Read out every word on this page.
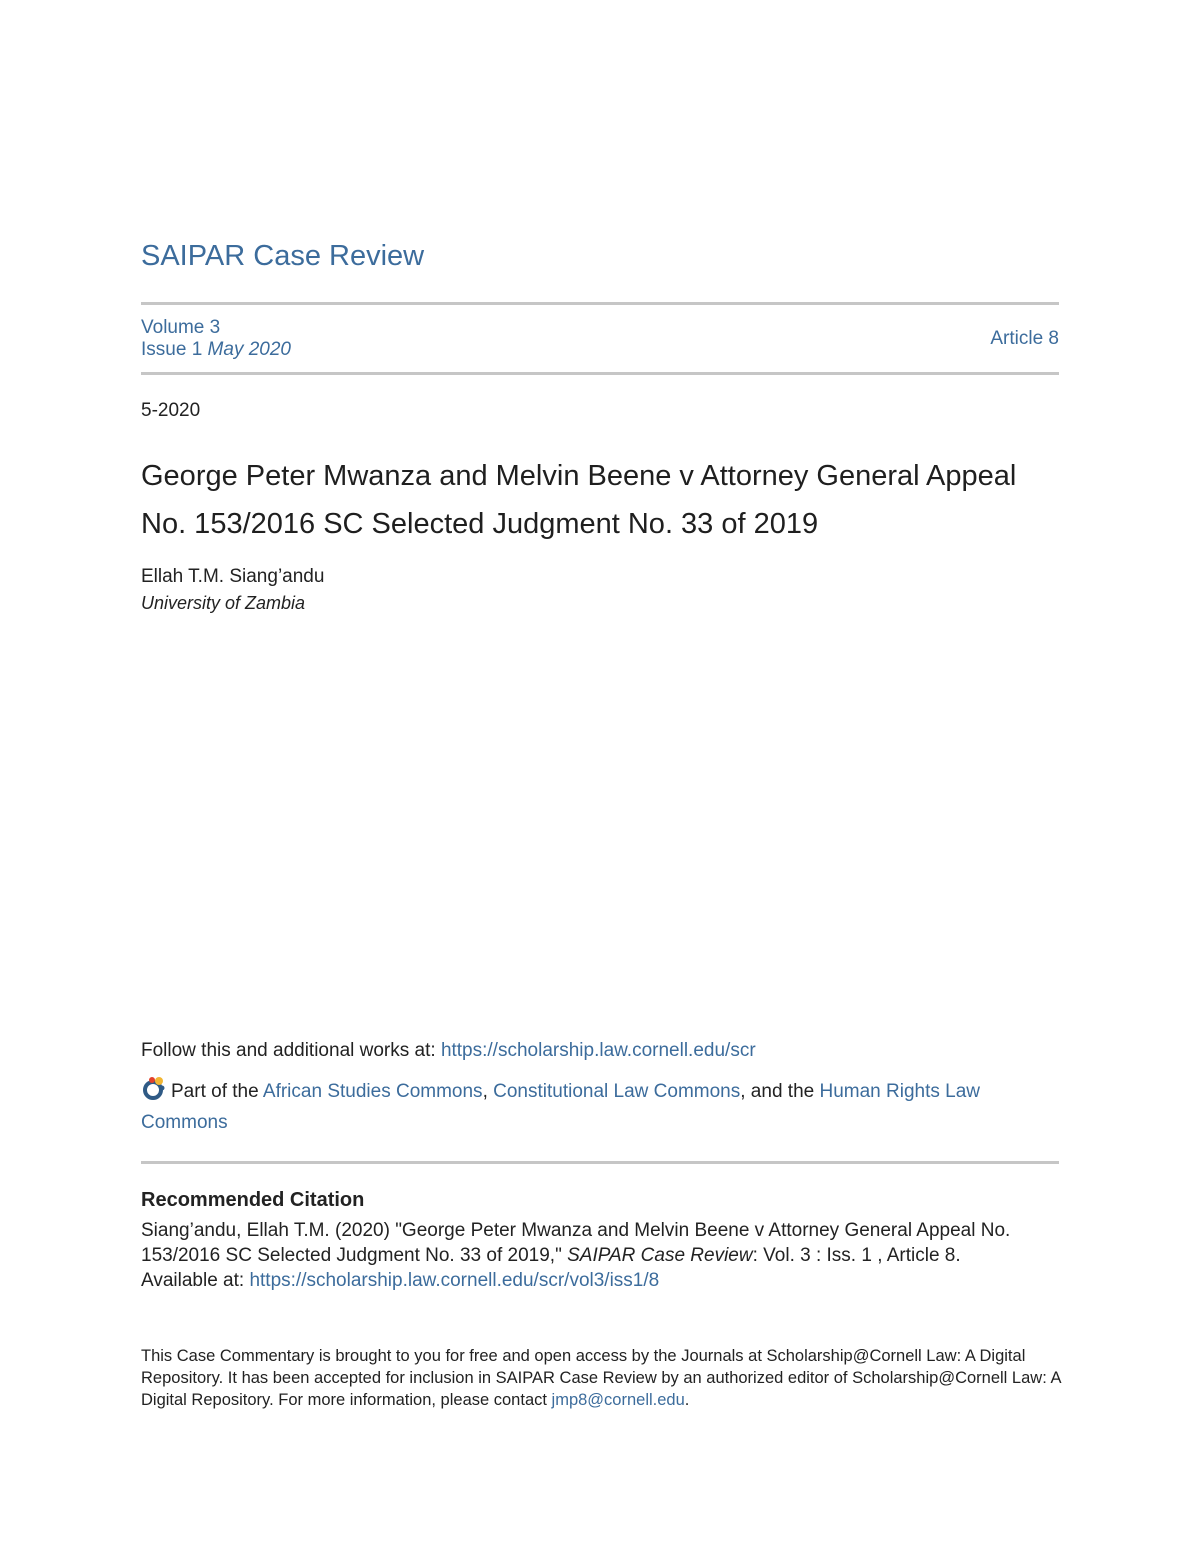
SAIPAR Case Review
Volume 3
Issue 1 May 2020
Article 8
5-2020
George Peter Mwanza and Melvin Beene v Attorney General Appeal No. 153/2016 SC Selected Judgment No. 33 of 2019
Ellah T.M. Siang’andu
University of Zambia
Follow this and additional works at: https://scholarship.law.cornell.edu/scr
Part of the African Studies Commons, Constitutional Law Commons, and the Human Rights Law Commons
Recommended Citation
Siang’andu, Ellah T.M. (2020) "George Peter Mwanza and Melvin Beene v Attorney General Appeal No. 153/2016 SC Selected Judgment No. 33 of 2019," SAIPAR Case Review: Vol. 3 : Iss. 1 , Article 8.
Available at: https://scholarship.law.cornell.edu/scr/vol3/iss1/8
This Case Commentary is brought to you for free and open access by the Journals at Scholarship@Cornell Law: A Digital Repository. It has been accepted for inclusion in SAIPAR Case Review by an authorized editor of Scholarship@Cornell Law: A Digital Repository. For more information, please contact jmp8@cornell.edu.
